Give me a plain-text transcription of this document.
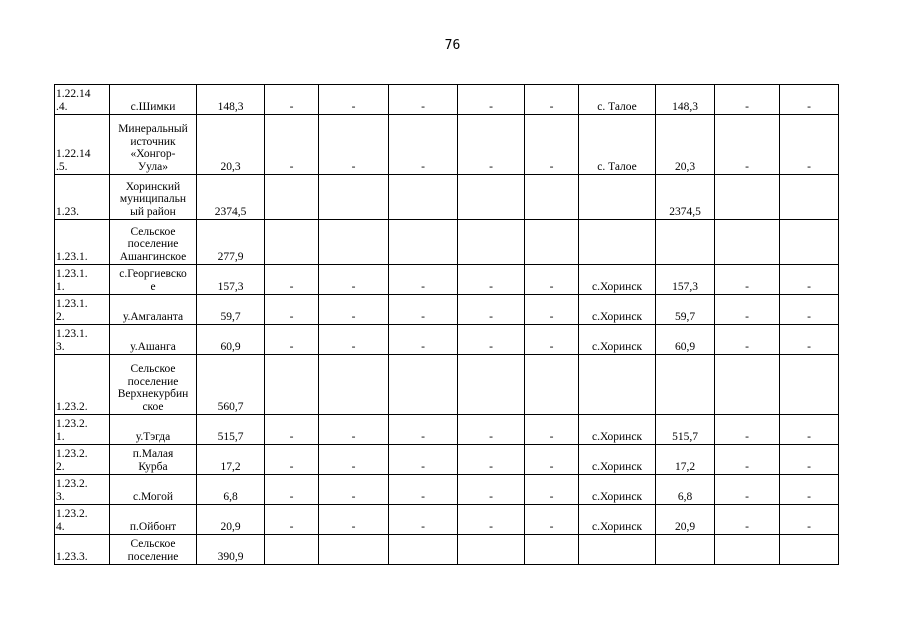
76
1.22.14
.4.	с.Шимки	148,3	-	-	-	-	-	с. Талое	148,3	-	-
1.22.14
.5.	Минеральный
источник
«Хонгор-
Уула»	20,3	-	-	-	-	-	с. Талое	20,3	-	-
1.23.	Хоринский
муниципальн
ый район	2374,5							2374,5		
1.23.1.	Сельское
поселение
Ашангинское	277,9									
1.23.1.
1.	с.Георгиевско
е	157,3	-	-	-	-	-	с.Хоринск	157,3	-	-
1.23.1.
2.	у.Амгаланта	59,7	-	-	-	-	-	с.Хоринск	59,7	-	-
1.23.1.
3.	у.Ашанга	60,9	-	-	-	-	-	с.Хоринск	60,9	-	-
1.23.2.	Сельское
поселение
Верхнекурбин
ское	560,7									
1.23.2.
1.	у.Тэгда	515,7	-	-	-	-	-	с.Хоринск	515,7	-	-
1.23.2.
2.	п.Малая
Курба	17,2	-	-	-	-	-	с.Хоринск	17,2	-	-
1.23.2.
3.	с.Могой	6,8	-	-	-	-	-	с.Хоринск	6,8	-	-
1.23.2.
4.	п.Ойбонт	20,9	-	-	-	-	-	с.Хоринск	20,9	-	-
1.23.3.	Сельское
поселение	390,9									
